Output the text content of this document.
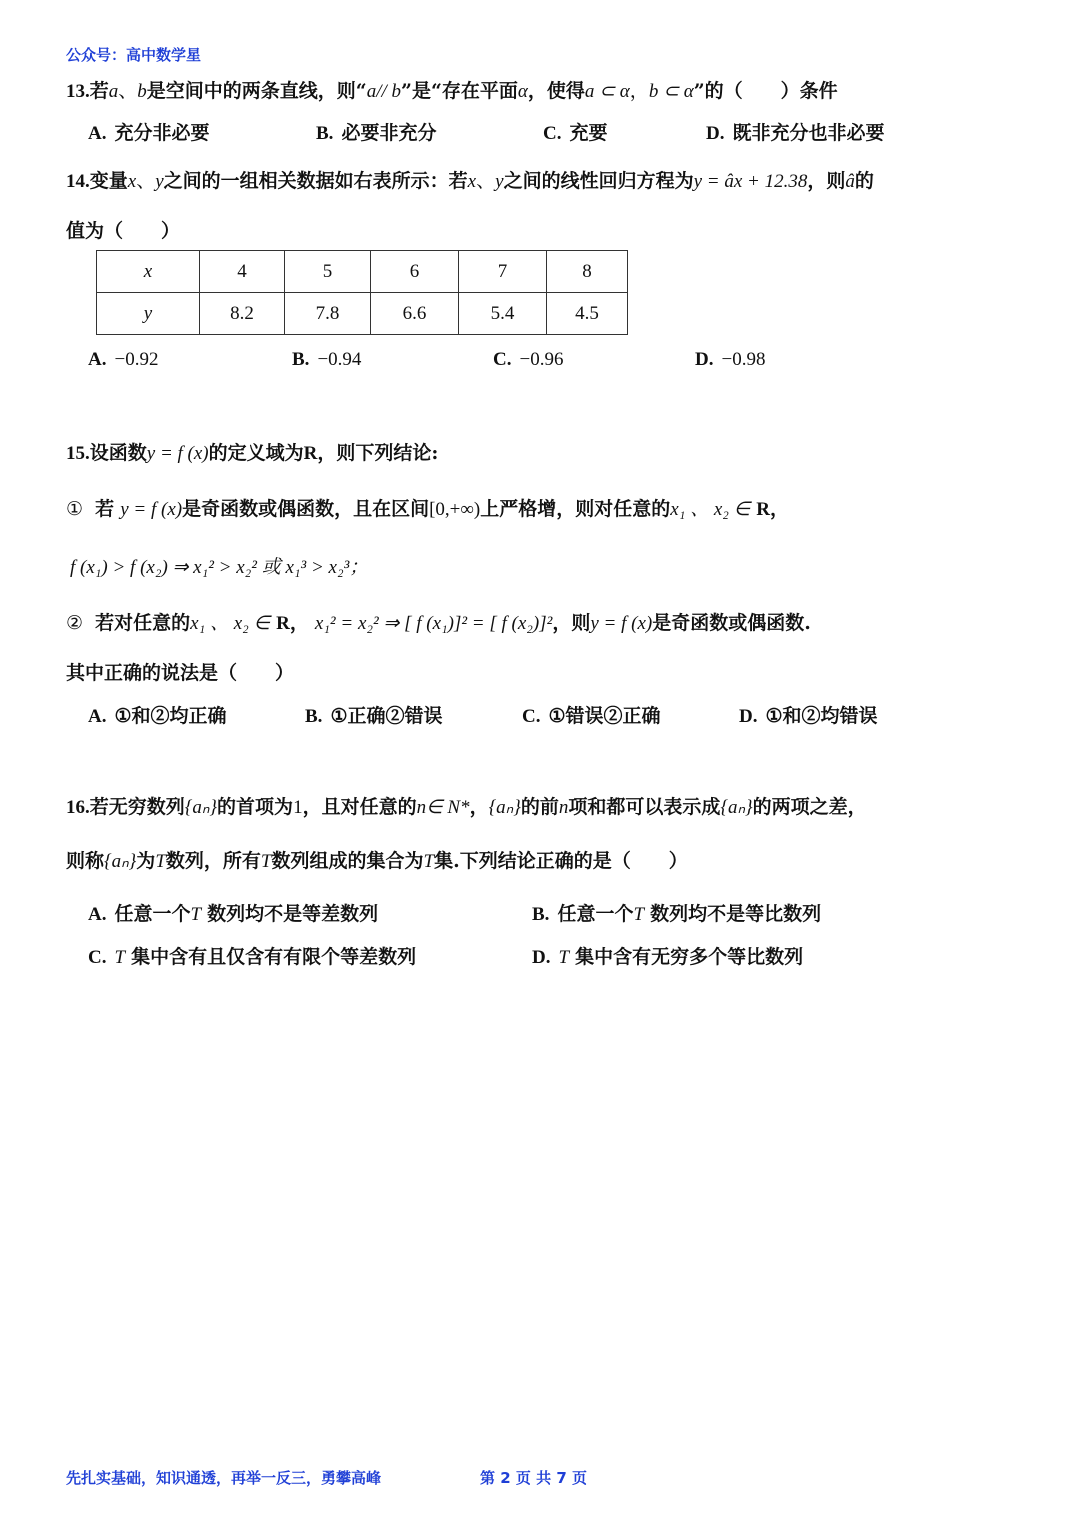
公众号：高中数学星
13.若a、b是空间中的两条直线，则“a// b”是“存在平面α，使得a ⊂ α，b ⊂ α”的（　　）条件
A. 充分非必要	B. 必要非充分	C. 充要	D. 既非充分也非必要
14.变量x、y之间的一组相关数据如右表所示：若x、y之间的线性回归方程为y = âx + 12.38，则â的
值为（　　）
x	4	5	6	7	8
y	8.2	7.8	6.6	5.4	4.5
A. −0.92	B. −0.94	C. −0.96	D. −0.98
15.设函数y = f (x)的定义域为R，则下列结论:
① 若 y = f (x)是奇函数或偶函数，且在区间[0,+∞)上严格增，则对任意的x₁ 、 x₂ ∈ R，
f (x₁) > f (x₂) ⇒ x₁² > x₂² 或 x₁³ > x₂³；
② 若对任意的x₁ 、 x₂ ∈ R， x₁² = x₂² ⇒ [ f (x₁)]² = [ f (x₂)]²，则y = f (x)是奇函数或偶函数.
其中正确的说法是（　　）
A. ①和②均正确	B. ①正确②错误	C. ①错误②正确	D. ①和②均错误
16.若无穷数列{aₙ}的首项为1，且对任意的n∈ N*，{aₙ}的前n项和都可以表示成{aₙ}的两项之差，
则称{aₙ}为T数列，所有T数列组成的集合为T集.下列结论正确的是（　　）
A. 任意一个T 数列均不是等差数列	B. 任意一个T 数列均不是等比数列
C. T 集中含有且仅含有有限个等差数列	D. T 集中含有无穷多个等比数列
先扎实基础，知识通透，再举一反三，勇攀高峰	第 2 页 共 7 页
